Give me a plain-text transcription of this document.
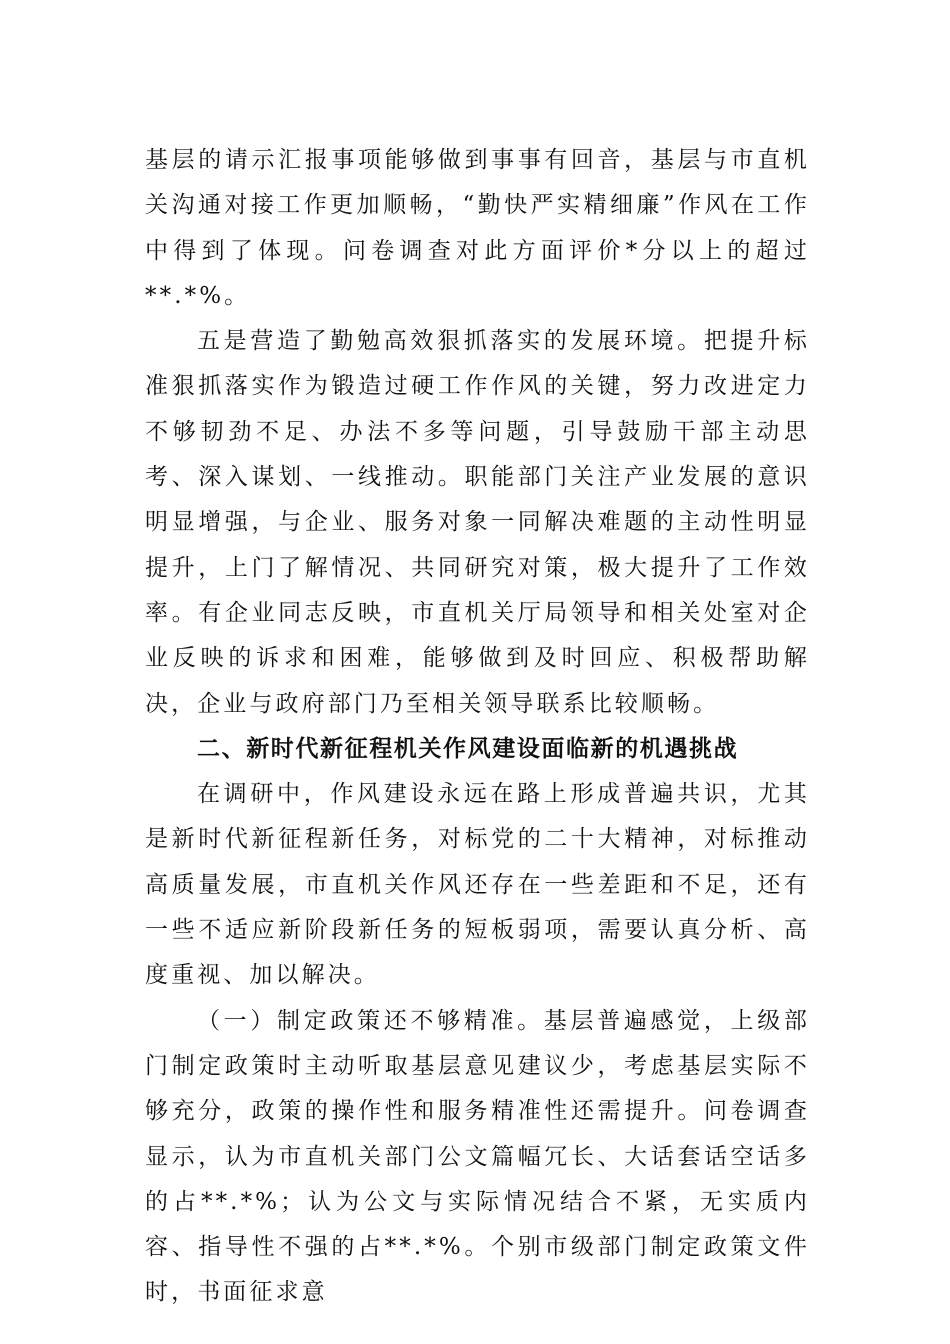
基层的请示汇报事项能够做到事事有回音，基层与市直机关沟通对接工作更加顺畅，“勤快严实精细廉”作风在工作中得到了体现。问卷调查对此方面评价*分以上的超过**.*%。

五是营造了勤勉高效狠抓落实的发展环境。把提升标准狠抓落实作为锻造过硬工作作风的关键，努力改进定力不够韧劲不足、办法不多等问题，引导鼓励干部主动思考、深入谋划、一线推动。职能部门关注产业发展的意识明显增强，与企业、服务对象一同解决难题的主动性明显提升，上门了解情况、共同研究对策，极大提升了工作效率。有企业同志反映，市直机关厅局领导和相关处室对企业反映的诉求和困难，能够做到及时回应、积极帮助解决，企业与政府部门乃至相关领导联系比较顺畅。

二、新时代新征程机关作风建设面临新的机遇挑战

在调研中，作风建设永远在路上形成普遍共识，尤其是新时代新征程新任务，对标党的二十大精神，对标推动高质量发展，市直机关作风还存在一些差距和不足，还有一些不适应新阶段新任务的短板弱项，需要认真分析、高度重视、加以解决。

（一）制定政策还不够精准。基层普遍感觉，上级部门制定政策时主动听取基层意见建议少，考虑基层实际不够充分，政策的操作性和服务精准性还需提升。问卷调查显示，认为市直机关部门公文篇幅冗长、大话套话空话多的占**.*%；认为公文与实际情况结合不紧，无实质内容、指导性不强的占**.*%。个别市级部门制定政策文件时，书面征求意
